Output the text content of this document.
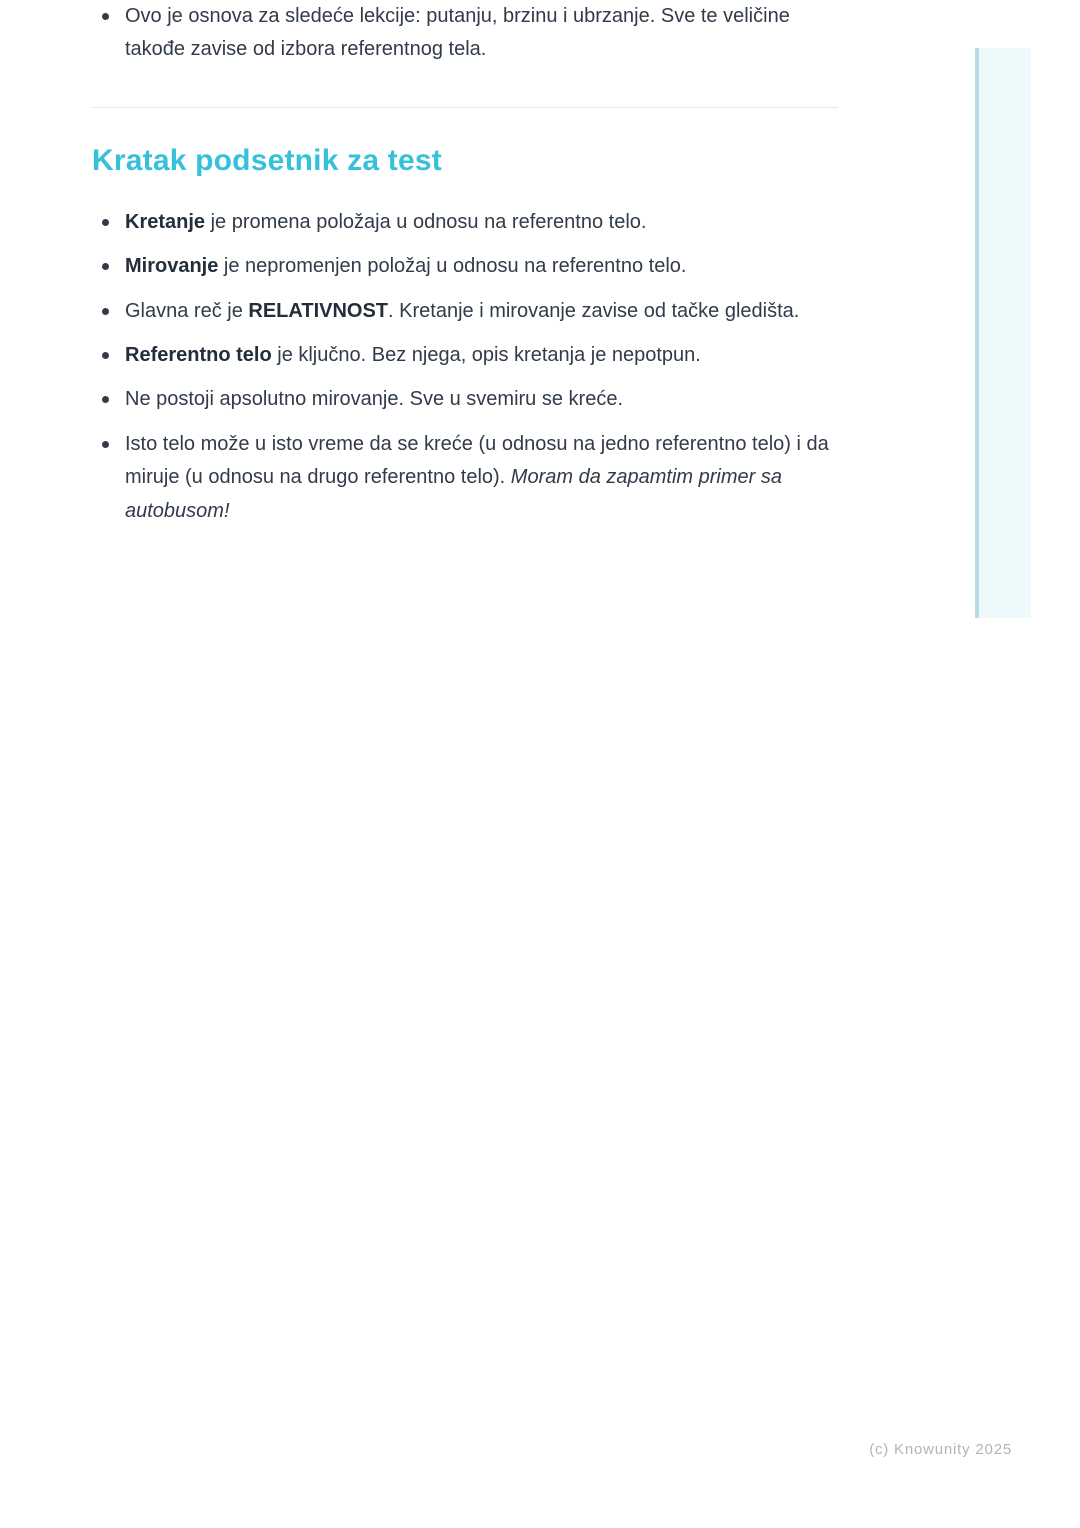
Ovo je osnova za sledeće lekcije: putanju, brzinu i ubrzanje. Sve te veličine takođe zavise od izbora referentnog tela.
Kratak podsetnik za test
Kretanje je promena položaja u odnosu na referentno telo.
Mirovanje je nepromenjen položaj u odnosu na referentno telo.
Glavna reč je RELATIVNOST. Kretanje i mirovanje zavise od tačke gledišta.
Referentno telo je ključno. Bez njega, opis kretanja je nepotpun.
Ne postoji apsolutno mirovanje. Sve u svemiru se kreće.
Isto telo može u isto vreme da se kreće (u odnosu na jedno referentno telo) i da miruje (u odnosu na drugo referentno telo). Moram da zapamtim primer sa autobusom!
(c) Knowunity 2025
